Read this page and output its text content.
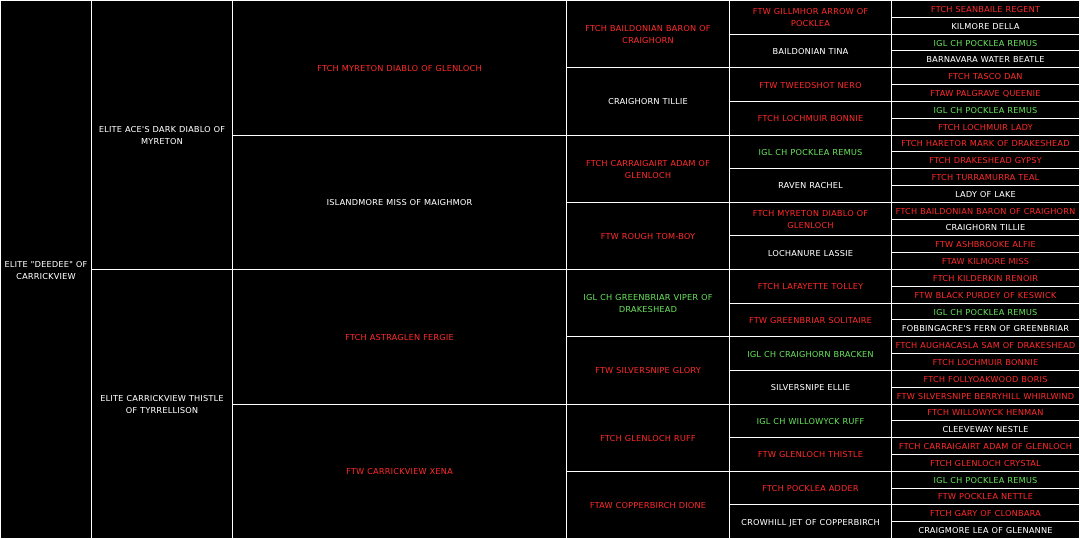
ELITE "DEEDEE" OF CARRICKVIEW	ELITE ACE'S DARK DIABLO OF MYRETON	FTCH MYRETON DIABLO OF GLENLOCH	FTCH BAILDONIAN BARON OF CRAIGHORN	FTW GILLMHOR ARROW OF POCKLEA	FTCH SEANBAILE REGENT
					KILMORE DELLA
				BAILDONIAN TINA	IGL CH POCKLEA REMUS
					BARNAVARA WATER BEATLE
			CRAIGHORN TILLIE	FTW TWEEDSHOT NERO	FTCH TASCO DAN
					FTAW PALGRAVE QUEENIE
				FTCH LOCHMUIR BONNIE	IGL CH POCKLEA REMUS
					FTCH LOCHMUIR LADY
		ISLANDMORE MISS OF MAIGHMOR	FTCH CARRAIGAIRT ADAM OF GLENLOCH	IGL CH POCKLEA REMUS	FTCH HARETOR MARK OF DRAKESHEAD
					FTCH DRAKESHEAD GYPSY
				RAVEN RACHEL	FTCH TURRAMURRA TEAL
					LADY OF LAKE
			FTW ROUGH TOM-BOY	FTCH MYRETON DIABLO OF GLENLOCH	FTCH BAILDONIAN BARON OF CRAIGHORN
					CRAIGHORN TILLIE
				LOCHANURE LASSIE	FTW ASHBROOKE ALFIE
					FTAW KILMORE MISS
	ELITE CARRICKVIEW THISTLE OF TYRRELLISON	FTCH ASTRAGLEN FERGIE	IGL CH GREENBRIAR VIPER OF DRAKESHEAD	FTCH LAFAYETTE TOLLEY	FTCH KILDERKIN RENOIR
					FTW BLACK PURDEY OF KESWICK
				FTW GREENBRIAR SOLITAIRE	IGL CH POCKLEA REMUS
					FOBBINGACRE'S FERN OF GREENBRIAR
			FTW SILVERSNIPE GLORY	IGL CH CRAIGHORN BRACKEN	FTCH AUGHACASLA SAM OF DRAKESHEAD
					FTCH LOCHMUIR BONNIE
				SILVERSNIPE ELLIE	FTCH FOLLYOAKWOOD BORIS
					FTW SILVERSNIPE BERRYHILL WHIRLWIND
		FTW CARRICKVIEW XENA	FTCH GLENLOCH RUFF	IGL CH WILLOWYCK RUFF	FTCH WILLOWYCK HENMAN
					CLEEVEWAY NESTLE
				FTW GLENLOCH THISTLE	FTCH CARRAIGAIRT ADAM OF GLENLOCH
					FTCH GLENLOCH CRYSTAL
			FTAW COPPERBIRCH DIONE	FTCH POCKLEA ADDER	IGL CH POCKLEA REMUS
					FTW POCKLEA NETTLE
				CROWHILL JET OF COPPERBIRCH	FTCH GARY OF CLONBARA
					CRAIGMORE LEA OF GLENANNE
